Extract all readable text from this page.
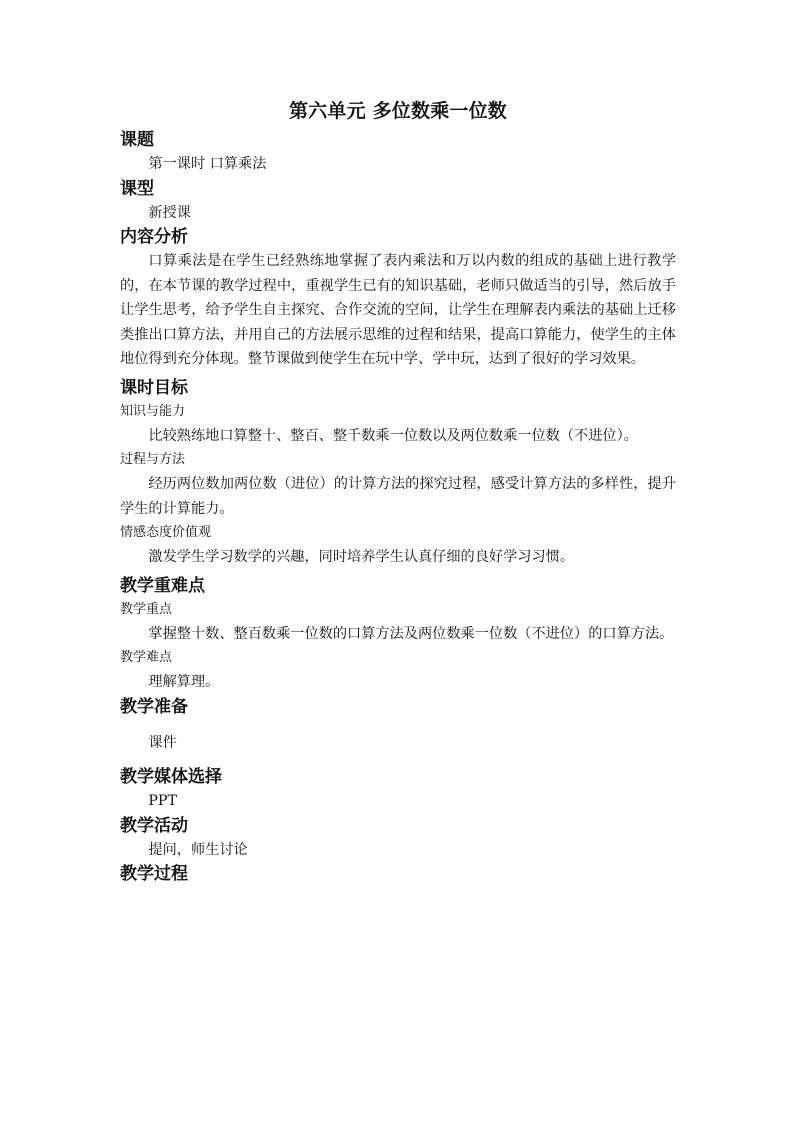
第六单元 多位数乘一位数
课题
第一课时 口算乘法
课型
新授课
内容分析
口算乘法是在学生已经熟练地掌握了表内乘法和万以内数的组成的基础上进行教学的，在本节课的教学过程中，重视学生已有的知识基础，老师只做适当的引导，然后放手让学生思考，给予学生自主探究、合作交流的空间，让学生在理解表内乘法的基础上迁移类推出口算方法，并用自己的方法展示思维的过程和结果，提高口算能力，使学生的主体地位得到充分体现。整节课做到使学生在玩中学、学中玩，达到了很好的学习效果。
课时目标
知识与能力
比较熟练地口算整十、整百、整千数乘一位数以及两位数乘一位数（不进位）。
过程与方法
经历两位数加两位数（进位）的计算方法的探究过程，感受计算方法的多样性，提升学生的计算能力。
情感态度价值观
激发学生学习数学的兴趣，同时培养学生认真仔细的良好学习习惯。
教学重难点
教学重点
掌握整十数、整百数乘一位数的口算方法及两位数乘一位数（不进位）的口算方法。
教学难点
理解算理。
教学准备
课件
教学媒体选择
PPT
教学活动
提问，师生讨论
教学过程
